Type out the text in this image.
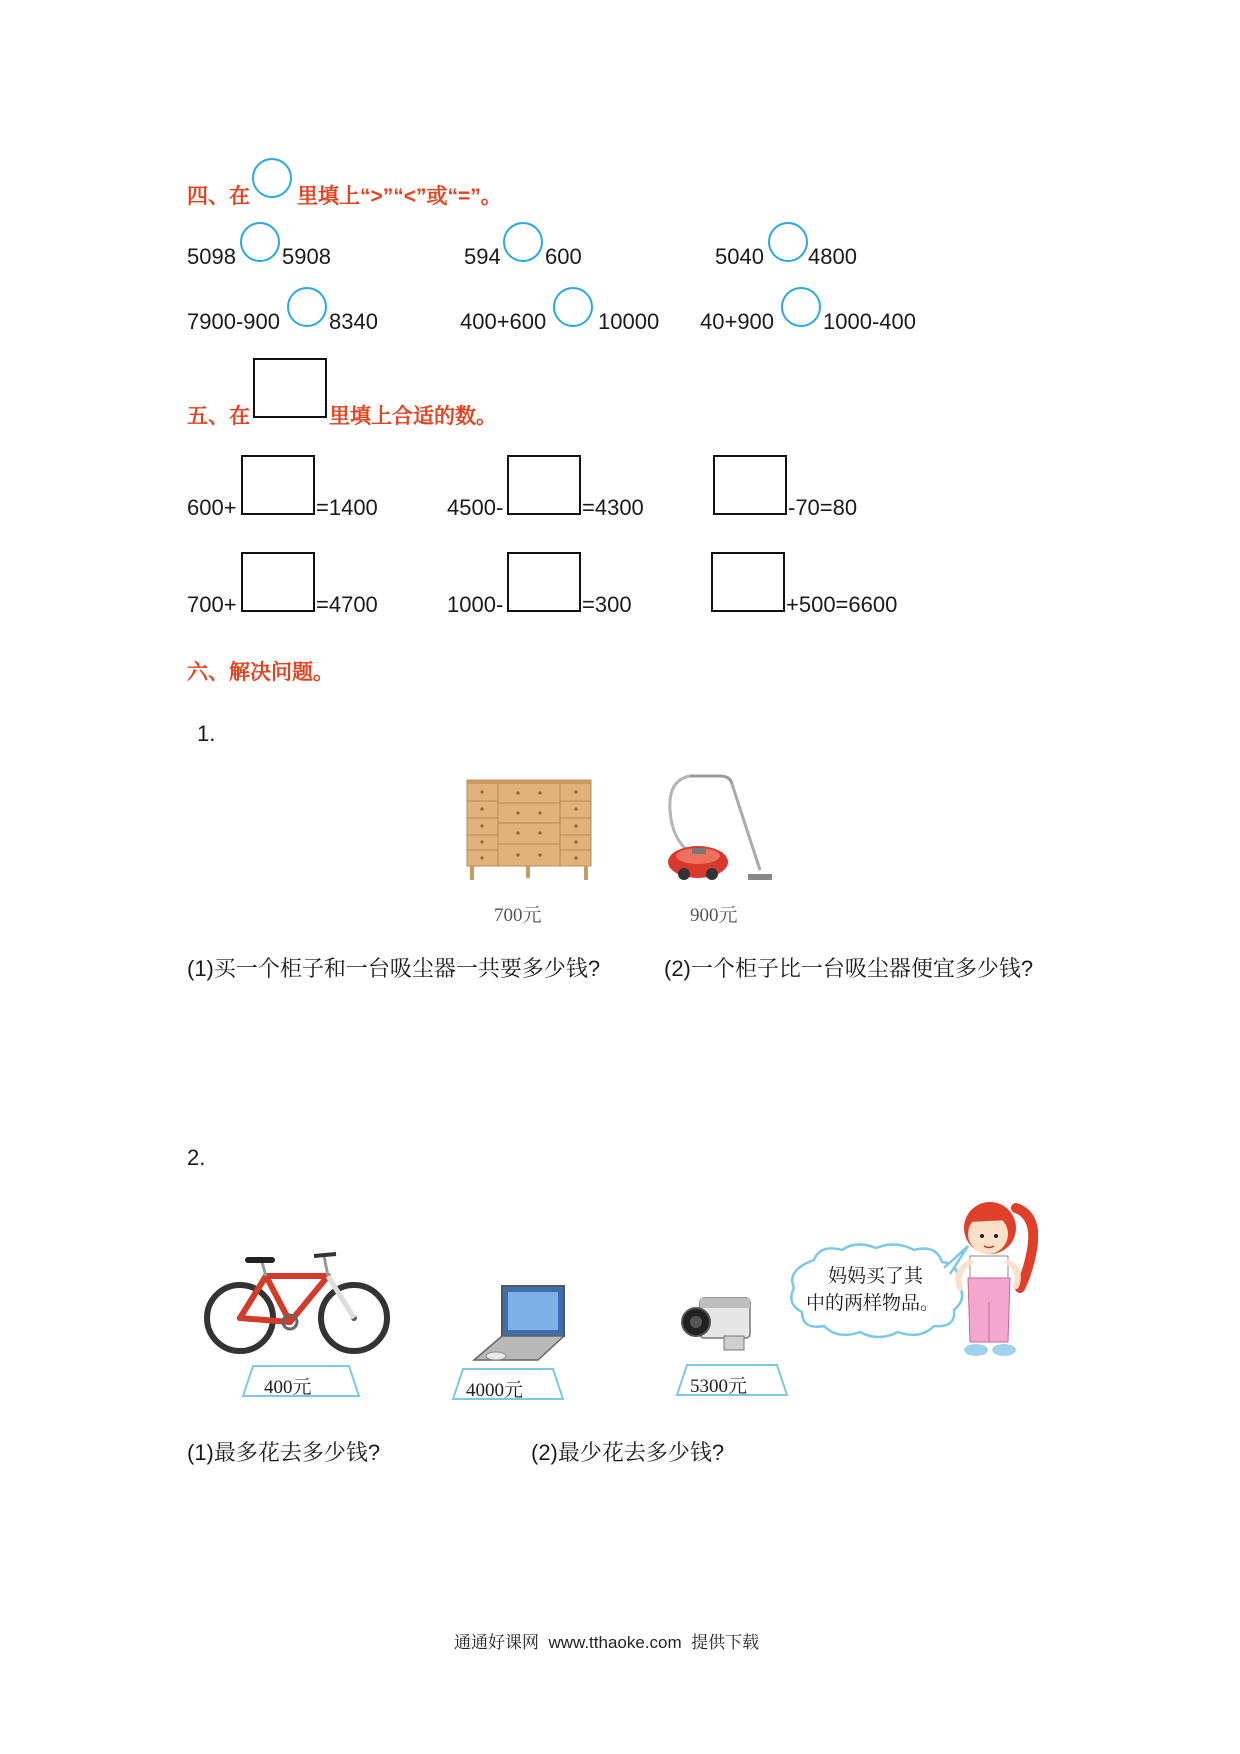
四、在 里填上“>”“<”或“=”。
5098 5908	594 600	5040 4800
7900-900 8340	400+600 10000 40+900 1000-400
五、在	里填上合适的数。
600+	=1400	4500-	=4300	-70=80
700+	=4700	1000-	=300	+500=6600
六、解决问题。
1.
700元	900元
(1)买一个柜子和一台吸尘器一共要多少钱?	(2)一个柜子比一台吸尘器便宜多少钱?
2.
400元	4000元	5300元
妈妈买了其
中的两样物品。
(1)最多花去多少钱?	(2)最少花去多少钱?
通通好课网  www.tthaoke.com  提供下载
